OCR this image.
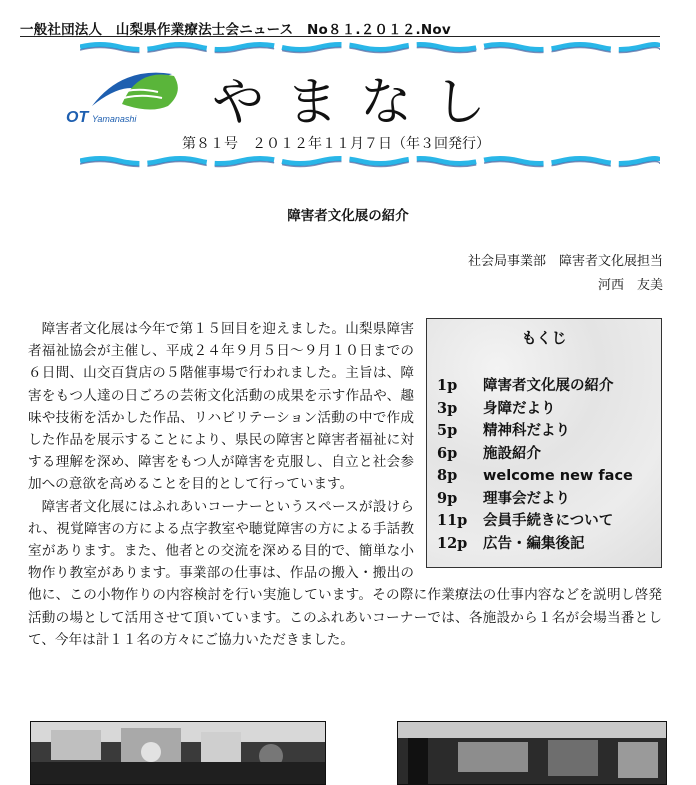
一般社団法人　山梨県作業療法士会ニュース　No８１.２０１２.Nov
OT Yamanashi やまなし
第８１号　２０１２年１１月７日（年３回発行）
障害者文化展の紹介
社会局事業部　障害者文化展担当
河西　友美
もくじ
1p	障害者文化展の紹介
3p	身障だより
5p	精神科だより
6p	施設紹介
8p	welcome new face
9p	理事会だより
11p	会員手続きについて
12p	広告・編集後記

障害者文化展は今年で第１５回目を迎えました。山梨県障害者福祉協会が主催し、平成２４年９月５日～９月１０日までの６日間、山交百貨店の５階催事場で行われました。主旨は、障害をもつ人達の日ごろの芸術文化活動の成果を示す作品や、趣味や技術を活かした作品、リハビリテーション活動の中で作成した作品を展示することにより、県民の障害と障害者福祉に対する理解を深め、障害をもつ人が障害を克服し、自立と社会参加への意欲を高めることを目的として行っています。

障害者文化展にはふれあいコーナーというスペースが設けられ、視覚障害の方による点字教室や聴覚障害の方による手話教室があります。また、他者との交流を深める目的で、簡単な小物作り教室があります。事業部の仕事は、作品の搬入・搬出の他に、この小物作りの内容検討を行い実施しています。その際に作業療法の仕事内容などを説明し啓発活動の場として活用させて頂いています。このふれあいコーナーでは、各施設から１名が会場当番として、今年は計１１名の方々にご協力いただきました。
